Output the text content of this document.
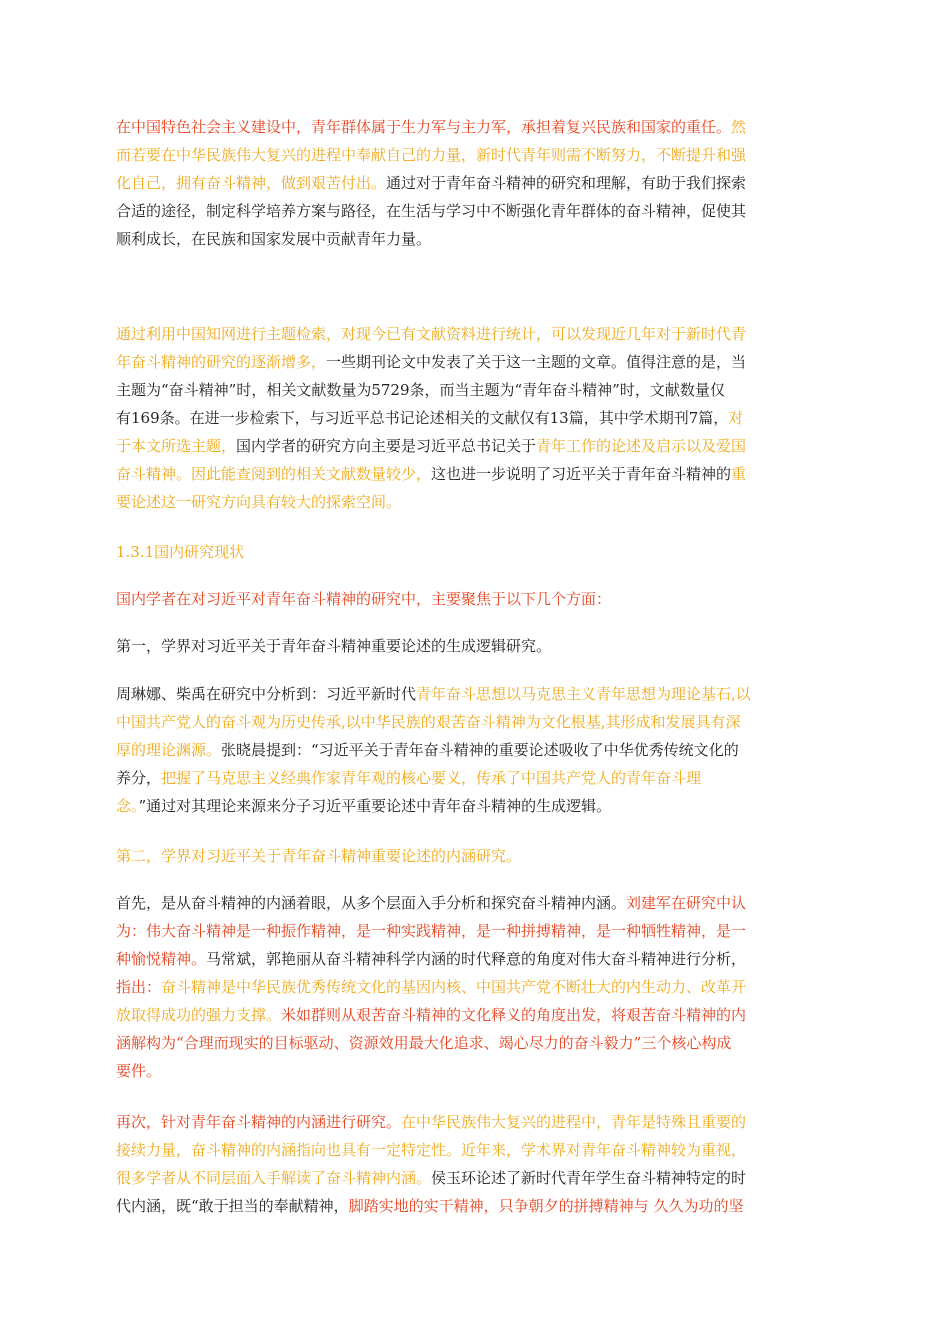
在中国特色社会主义建设中，青年群体属于生力军与主力军，承担着复兴民族和国家的重任。然
而若要在中华民族伟大复兴的进程中奉献自己的力量，新时代青年则需不断努力，不断提升和强
化自己，拥有奋斗精神，做到艰苦付出。通过对于青年奋斗精神的研究和理解，有助于我们探索
合适的途径，制定科学培养方案与路径，在生活与学习中不断强化青年群体的奋斗精神，促使其
顺利成长，在民族和国家发展中贡献青年力量。
通过利用中国知网进行主题检索，对现今已有文献资料进行统计，可以发现近几年对于新时代青
年奋斗精神的研究的逐渐增多，一些期刊论文中发表了关于这一主题的文章。值得注意的是，当
主题为“奋斗精神”时，相关文献数量为5729条，而当主题为“青年奋斗精神”时，文献数量仅
有169条。在进一步检索下，与习近平总书记论述相关的文献仅有13篇，其中学术期刊7篇，对
于本文所选主题，国内学者的研究方向主要是习近平总书记关于青年工作的论述及启示以及爱国
奋斗精神。因此能查阅到的相关文献数量较少，这也进一步说明了习近平关于青年奋斗精神的重
要论述这一研究方向具有较大的探索空间。
1.3.1国内研究现状
国内学者在对习近平对青年奋斗精神的研究中，主要聚焦于以下几个方面：
第一，学界对习近平关于青年奋斗精神重要论述的生成逻辑研究。
周琳娜、柴禹在研究中分析到：习近平新时代青年奋斗思想以马克思主义青年思想为理论基石,以
中国共产党人的奋斗观为历史传承,以中华民族的艰苦奋斗精神为文化根基,其形成和发展具有深
厚的理论渊源。张晓晨提到：“习近平关于青年奋斗精神的重要论述吸收了中华优秀传统文化的
养分，把握了马克思主义经典作家青年观的核心要义，传承了中国共产党人的青年奋斗理
念。”通过对其理论来源来分子习近平重要论述中青年奋斗精神的生成逻辑。
第二，学界对习近平关于青年奋斗精神重要论述的内涵研究。
首先，是从奋斗精神的内涵着眼，从多个层面入手分析和探究奋斗精神内涵。刘建军在研究中认
为：伟大奋斗精神是一种振作精神，是一种实践精神，是一种拼搏精神，是一种牺牲精神，是一
种愉悦精神。马常斌，郭艳丽从奋斗精神科学内涵的时代释意的角度对伟大奋斗精神进行分析，
指出：奋斗精神是中华民族优秀传统文化的基因内核、中国共产党不断壮大的内生动力、改革开
放取得成功的强力支撑。米如群则从艰苦奋斗精神的文化释义的角度出发，将艰苦奋斗精神的内
涵解构为“合理而现实的目标驱动、资源效用最大化追求、竭心尽力的奋斗毅力”三个核心构成
要件。
再次，针对青年奋斗精神的内涵进行研究。在中华民族伟大复兴的进程中，青年是特殊且重要的
接续力量，奋斗精神的内涵指向也具有一定特定性。近年来，学术界对青年奋斗精神较为重视，
很多学者从不同层面入手解读了奋斗精神内涵。侯玉环论述了新时代青年学生奋斗精神特定的时
代内涵，既“敢于担当的奉献精神，脚踏实地的实干精神，只争朝夕的拼搏精神与 久久为功的坚
